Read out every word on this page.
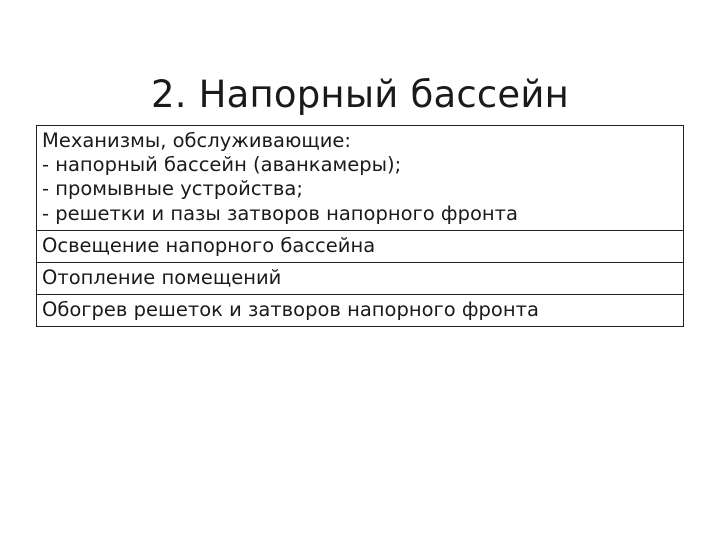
2. Напорный бассейн
Механизмы, обслуживающие:
- напорный бассейн (аванкамеры);
- промывные устройства;
- решетки и пазы затворов напорного фронта

Освещение напорного бассейна

Отопление помещений

Обогрев решеток и затворов напорного фронта
